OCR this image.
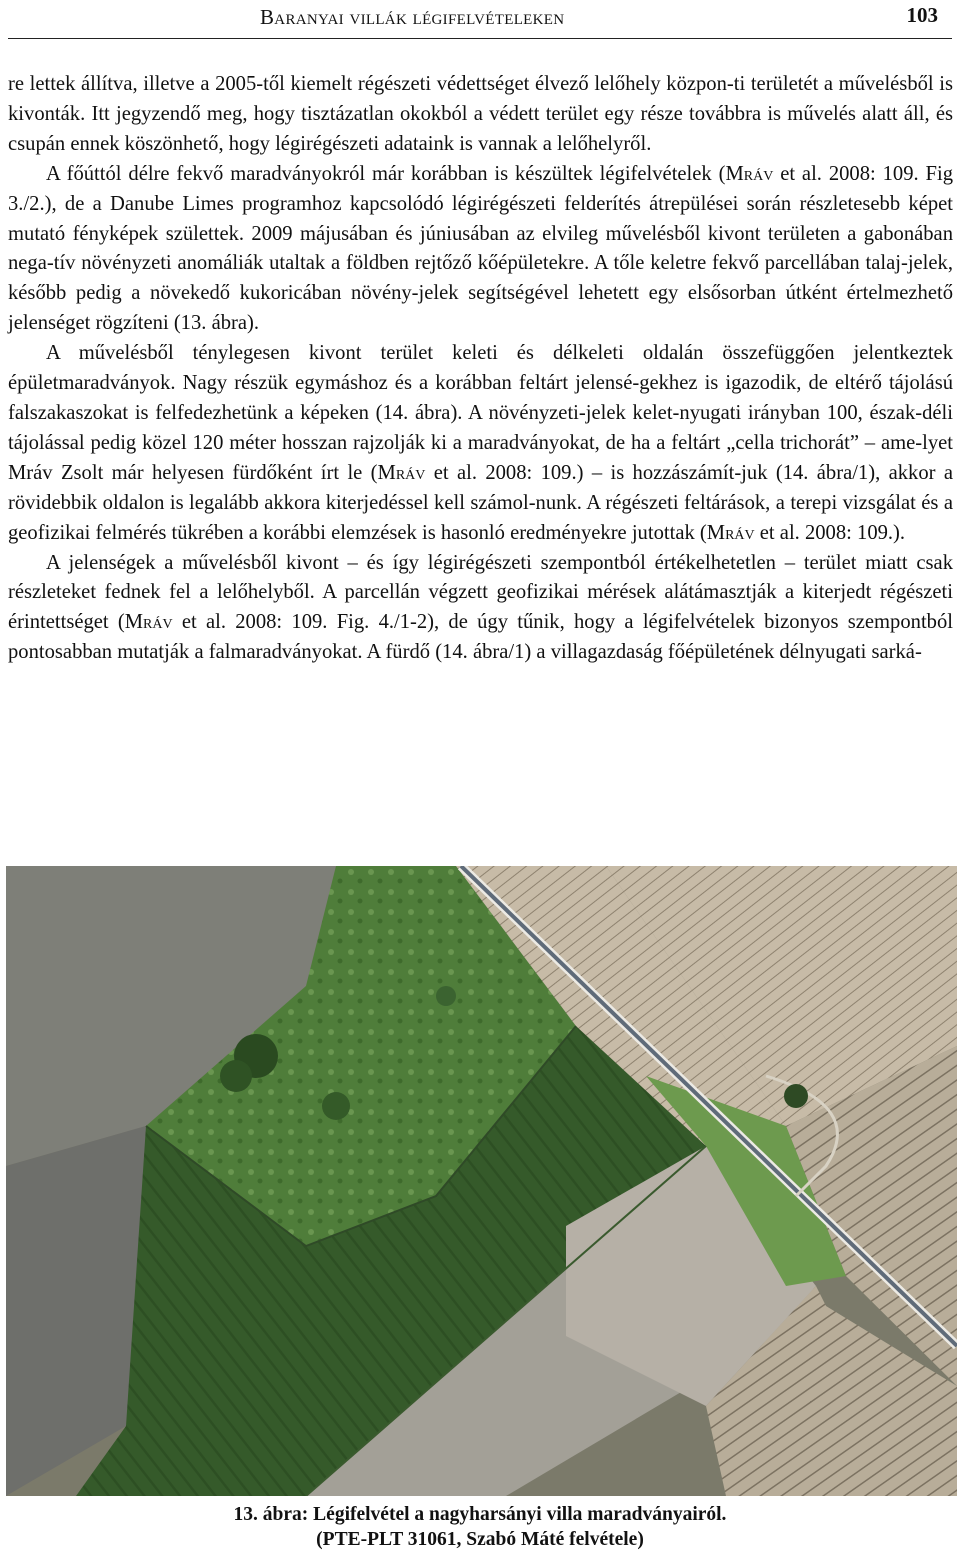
Baranyai villák légifelvételeken	103

re lettek állítva, illetve a 2005-től kiemelt régészeti védettséget élvező lelőhely közpon-ti területét a művelésből is kivonták. Itt jegyzendő meg, hogy tisztázatlan okokból a védett terület egy része továbbra is művelés alatt áll, és csupán ennek köszönhető, hogy légirégészeti adataink is vannak a lelőhelyről.

A főúttól délre fekvő maradványokról már korábban is készültek légifelvételek (Mráv et al. 2008: 109. Fig 3./2.), de a Danube Limes programhoz kapcsolódó légirégészeti felderítés átrepülései során részletesebb képet mutató fényképek születtek. 2009 májusában és júniusában az elvileg művelésből kivont területen a gabonában nega-tív növényzeti anomáliák utaltak a földben rejtőző kőépületekre. A tőle keletre fekvő parcellában talaj-jelek, később pedig a növekedő kukoricában növény-jelek segítségével lehetett egy elsősorban útként értelmezhető jelenséget rögzíteni (13. ábra).

A művelésből ténylegesen kivont terület keleti és délkeleti oldalán összefüggően jelentkeztek épületmaradványok. Nagy részük egymáshoz és a korábban feltárt jelensé-gekhez is igazodik, de eltérő tájolású falszakaszokat is felfedezhetünk a képeken (14. ábra). A növényzeti-jelek kelet-nyugati irányban 100, észak-déli tájolással pedig közel 120 méter hosszan rajzolják ki a maradványokat, de ha a feltárt „cella trichorát” – ame-lyet Mráv Zsolt már helyesen fürdőként írt le (Mráv et al. 2008: 109.) – is hozzászámít-juk (14. ábra/1), akkor a rövidebbik oldalon is legalább akkora kiterjedéssel kell számol-nunk. A régészeti feltárások, a terepi vizsgálat és a geofizikai felmérés tükrében a korábbi elemzések is hasonló eredményekre jutottak (Mráv et al. 2008: 109.).

A jelenségek a művelésből kivont – és így légirégészeti szempontból értékelhetetlen – terület miatt csak részleteket fednek fel a lelőhelyből. A parcellán végzett geofizikai mérések alátámasztják a kiterjedt régészeti érintettséget (Mráv et al. 2008: 109. Fig. 4./1-2), de úgy tűnik, hogy a légifelvételek bizonyos szempontból pontosabban mutatják a falmaradványokat. A fürdő (14. ábra/1) a villagazdaság főépületének délnyugati sarká-

13. ábra: Légifelvétel a nagyharsányi villa maradványairól.
(PTE-PLT 31061, Szabó Máté felvétele)
